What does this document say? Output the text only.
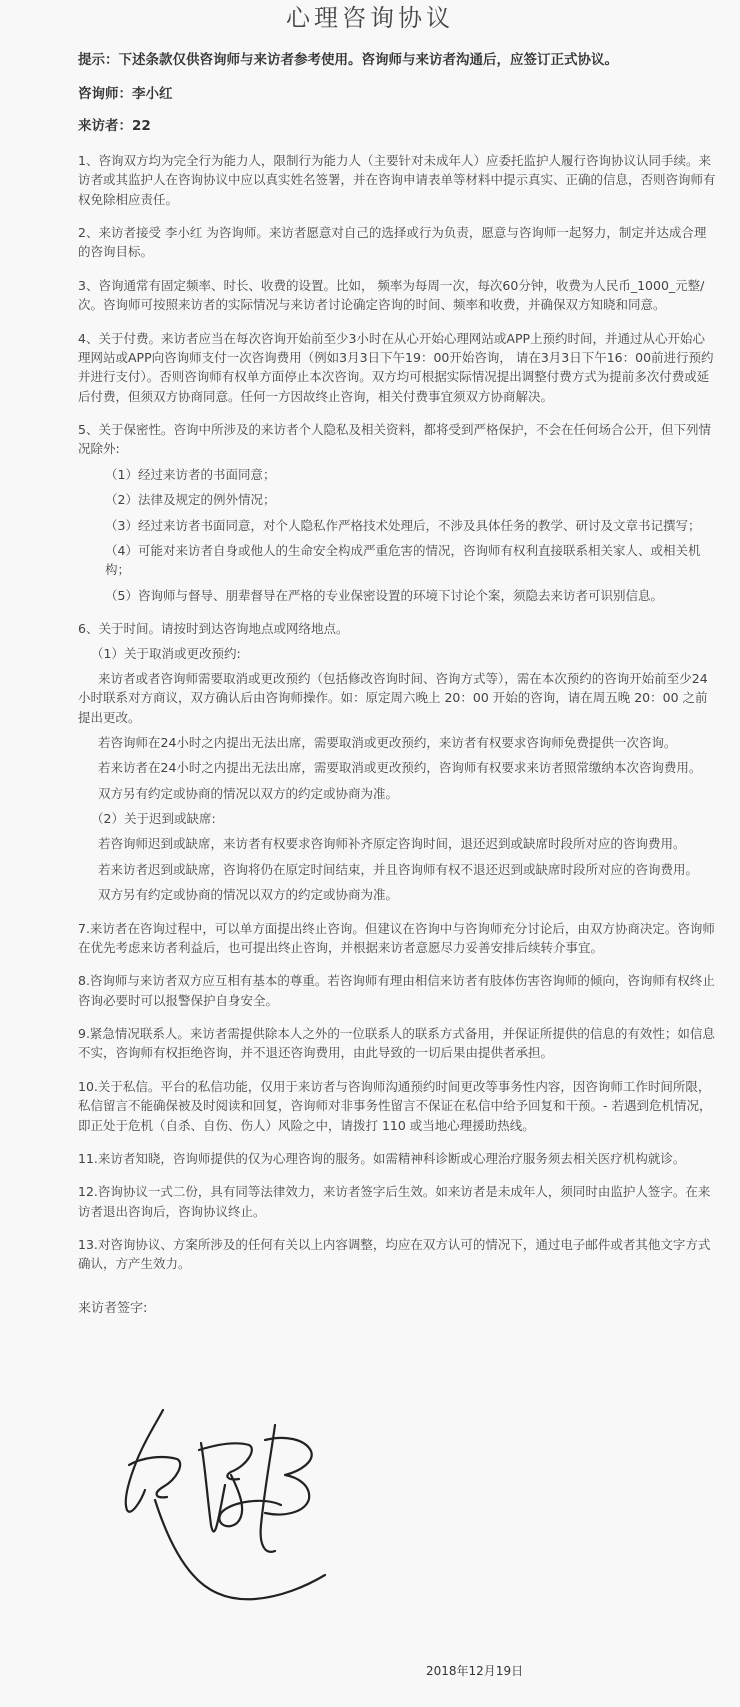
心理咨询协议
提示：下述条款仅供咨询师与来访者参考使用。咨询师与来访者沟通后，应签订正式协议。
咨询师：李小红
来访者：22

1、咨询双方均为完全行为能力人，限制行为能力人（主要针对未成年人）应委托监护人履行咨询协议认同手续。来访者或其监护人在咨询协议中应以真实姓名签署，并在咨询申请表单等材料中提示真实、正确的信息，否则咨询师有权免除相应责任。

2、来访者接受 李小红 为咨询师。来访者愿意对自己的选择或行为负责，愿意与咨询师一起努力，制定并达成合理的咨询目标。

3、咨询通常有固定频率、时长、收费的设置。比如， 频率为每周一次，每次60分钟，收费为人民币_1000_元整/次。咨询师可按照来访者的实际情况与来访者讨论确定咨询的时间、频率和收费，并确保双方知晓和同意。

4、关于付费。来访者应当在每次咨询开始前至少3小时在从心开始心理网站或APP上预约时间，并通过从心开始心理网站或APP向咨询师支付一次咨询费用（例如3月3日下午19：00开始咨询， 请在3月3日下午16：00前进行预约并进行支付）。否则咨询师有权单方面停止本次咨询。双方均可根据实际情况提出调整付费方式为提前多次付费或延后付费，但须双方协商同意。任何一方因故终止咨询，相关付费事宜须双方协商解决。

5、关于保密性。咨询中所涉及的来访者个人隐私及相关资料，都将受到严格保护，不会在任何场合公开，但下列情况除外:

（1）经过来访者的书面同意；
（2）法律及规定的例外情况；
（3）经过来访者书面同意，对个人隐私作严格技术处理后，不涉及具体任务的教学、研讨及文章书记撰写；
（4）可能对来访者自身或他人的生命安全构成严重危害的情况，咨询师有权利直接联系相关家人、或相关机构；
（5）咨询师与督导、朋辈督导在严格的专业保密设置的环境下讨论个案，须隐去来访者可识别信息。

6、关于时间。请按时到达咨询地点或网络地点。

（1）关于取消或更改预约:
来访者或者咨询师需要取消或更改预约（包括修改咨询时间、咨询方式等），需在本次预约的咨询开始前至少24小时联系对方商议，双方确认后由咨询师操作。如：原定周六晚上 20：00 开始的咨询，请在周五晚 20：00 之前提出更改。
若咨询师在24小时之内提出无法出席，需要取消或更改预约，来访者有权要求咨询师免费提供一次咨询。
若来访者在24小时之内提出无法出席，需要取消或更改预约，咨询师有权要求来访者照常缴纳本次咨询费用。
双方另有约定或协商的情况以双方的约定或协商为准。
（2）关于迟到或缺席:
若咨询师迟到或缺席，来访者有权要求咨询师补齐原定咨询时间，退还迟到或缺席时段所对应的咨询费用。
若来访者迟到或缺席，咨询将仍在原定时间结束，并且咨询师有权不退还迟到或缺席时段所对应的咨询费用。
双方另有约定或协商的情况以双方的约定或协商为准。

7.来访者在咨询过程中，可以单方面提出终止咨询。但建议在咨询中与咨询师充分讨论后，由双方协商决定。咨询师在优先考虑来访者利益后，也可提出终止咨询，并根据来访者意愿尽力妥善安排后续转介事宜。

8.咨询师与来访者双方应互相有基本的尊重。若咨询师有理由相信来访者有肢体伤害咨询师的倾向，咨询师有权终止咨询必要时可以报警保护自身安全。

9.紧急情况联系人。来访者需提供除本人之外的一位联系人的联系方式备用，并保证所提供的信息的有效性；如信息不实，咨询师有权拒绝咨询，并不退还咨询费用，由此导致的一切后果由提供者承担。

10.关于私信。平台的私信功能，仅用于来访者与咨询师沟通预约时间更改等事务性内容，因咨询师工作时间所限，私信留言不能确保被及时阅读和回复，咨询师对非事务性留言不保证在私信中给予回复和干预。- 若遇到危机情况，即正处于危机（自杀、自伤、伤人）风险之中，请拨打 110 或当地心理援助热线。

11.来访者知晓，咨询师提供的仅为心理咨询的服务。如需精神科诊断或心理治疗服务须去相关医疗机构就诊。

12.咨询协议一式二份，具有同等法律效力，来访者签字后生效。如来访者是未成年人，须同时由监护人签字。在来访者退出咨询后，咨询协议终止。

13.对咨询协议、方案所涉及的任何有关以上内容调整，均应在双方认可的情况下，通过电子邮件或者其他文字方式确认，方产生效力。

来访者签字:
2018年12月19日
